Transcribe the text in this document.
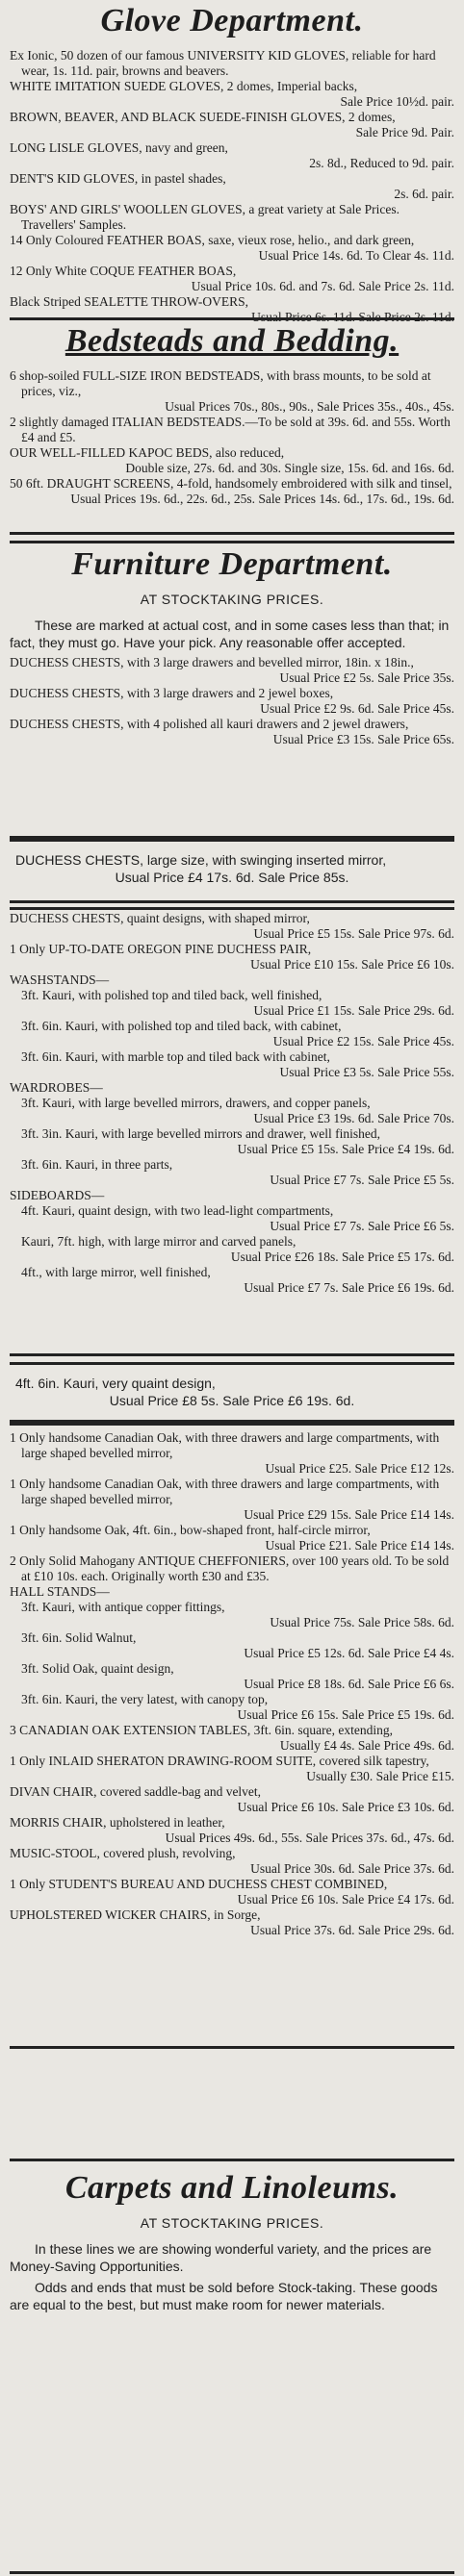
Glove Department.
Ex Ionic, 50 dozen of our famous UNIVERSITY KID GLOVES, reliable for hard wear, 1s. 11d. pair, browns and beavers.
WHITE IMITATION SUEDE GLOVES, 2 domes, Imperial backs,
Sale Price 10½d. pair.
BROWN, BEAVER, AND BLACK SUEDE-FINISH GLOVES, 2 domes,
Sale Price 9d. Pair.
LONG LISLE GLOVES, navy and green,
2s. 8d., Reduced to 9d. pair.
DENT'S KID GLOVES, in pastel shades,
2s. 6d. pair.
BOYS' AND GIRLS' WOOLLEN GLOVES, a great variety at Sale Prices. Travellers' Samples.
14 Only Coloured FEATHER BOAS, saxe, vieux rose, helio., and dark green,
Usual Price 14s. 6d. To Clear 4s. 11d.
12 Only White COQUE FEATHER BOAS,
Usual Price 10s. 6d. and 7s. 6d. Sale Price 2s. 11d.
Black Striped SEALETTE THROW-OVERS,
Usual Price 6s. 11d. Sale Price 2s. 11d.
Bedsteads and Bedding.
6 shop-soiled FULL-SIZE IRON BEDSTEADS, with brass mounts, to be sold at prices, viz.,
Usual Prices 70s., 80s., 90s., Sale Prices 35s., 40s., 45s.
2 slightly damaged ITALIAN BEDSTEADS.—To be sold at 39s. 6d. and 55s. Worth £4 and £5.
OUR WELL-FILLED KAPOC BEDS, also reduced,
Double size, 27s. 6d. and 30s. Single size, 15s. 6d. and 16s. 6d.
50 6ft. DRAUGHT SCREENS, 4-fold, handsomely embroidered with silk and tinsel,
Usual Prices 19s. 6d., 22s. 6d., 25s. Sale Prices 14s. 6d., 17s. 6d., 19s. 6d.
Furniture Department.
AT STOCKTAKING PRICES.
These are marked at actual cost, and in some cases less than that; in fact, they must go. Have your pick. Any reasonable offer accepted.
DUCHESS CHESTS, with 3 large drawers and bevelled mirror, 18in. x 18in.,
Usual Price £2 5s. Sale Price 35s.
DUCHESS CHESTS, with 3 large drawers and 2 jewel boxes,
Usual Price £2 9s. 6d. Sale Price 45s.
DUCHESS CHESTS, with 4 polished all kauri drawers and 2 jewel drawers,
Usual Price £3 15s. Sale Price 65s.
DUCHESS CHESTS, large size, with swinging inserted mirror,
Usual Price £4 17s. 6d. Sale Price 85s.
DUCHESS CHESTS, quaint designs, with shaped mirror,
Usual Price £5 15s. Sale Price 97s. 6d.
1 Only UP-TO-DATE OREGON PINE DUCHESS PAIR,
Usual Price £10 15s. Sale Price £6 10s.
WASHSTANDS—
3ft. Kauri, with polished top and tiled back, well finished,
Usual Price £1 15s. Sale Price 29s. 6d.
3ft. 6in. Kauri, with polished top and tiled back, with cabinet,
Usual Price £2 15s. Sale Price 45s.
3ft. 6in. Kauri, with marble top and tiled back with cabinet,
Usual Price £3 5s. Sale Price 55s.
WARDROBES—
3ft. Kauri, with large bevelled mirrors, drawers, and copper panels,
Usual Price £3 19s. 6d. Sale Price 70s.
3ft. 3in. Kauri, with large bevelled mirrors and drawer, well finished,
Usual Price £5 15s. Sale Price £4 19s. 6d.
3ft. 6in. Kauri, in three parts,
Usual Price £7 7s. Sale Price £5 5s.
SIDEBOARDS—
4ft. Kauri, quaint design, with two lead-light compartments,
Usual Price £7 7s. Sale Price £6 5s.
Kauri, 7ft. high, with large mirror and carved panels,
Usual Price £26 18s. Sale Price £5 17s. 6d.
4ft., with large mirror, well finished,
Usual Price £7 7s. Sale Price £6 19s. 6d.
4ft. 6in. Kauri, very quaint design,
Usual Price £8 5s. Sale Price £6 19s. 6d.
1 Only handsome Canadian Oak, with three drawers and large compartments, with large shaped bevelled mirror,
Usual Price £25. Sale Price £12 12s.
1 Only handsome Canadian Oak, with three drawers and large compartments, with large shaped bevelled mirror,
Usual Price £29 15s. Sale Price £14 14s.
1 Only handsome Oak, 4ft. 6in., bow-shaped front, half-circle mirror,
Usual Price £21. Sale Price £14 14s.
2 Only Solid Mahogany ANTIQUE CHEFFONIERS, over 100 years old. To be sold at £10 10s. each. Originally worth £30 and £35.
HALL STANDS—
3ft. Kauri, with antique copper fittings,
Usual Price 75s. Sale Price 58s. 6d.
3ft. 6in. Solid Walnut,
Usual Price £5 12s. 6d. Sale Price £4 4s.
3ft. Solid Oak, quaint design,
Usual Price £8 18s. 6d. Sale Price £6 6s.
3ft. 6in. Kauri, the very latest, with canopy top,
Usual Price £6 15s. Sale Price £5 19s. 6d.
3 CANADIAN OAK EXTENSION TABLES, 3ft. 6in. square, extending,
Usually £4 4s. Sale Price 49s. 6d.
1 Only INLAID SHERATON DRAWING-ROOM SUITE, covered silk tapestry,
Usually £30. Sale Price £15.
DIVAN CHAIR, covered saddle-bag and velvet,
Usual Price £6 10s. Sale Price £3 10s. 6d.
MORRIS CHAIR, upholstered in leather,
Usual Prices 49s. 6d., 55s. Sale Prices 37s. 6d., 47s. 6d.
MUSIC-STOOL, covered plush, revolving,
Usual Price 30s. 6d. Sale Price 37s. 6d.
1 Only STUDENT'S BUREAU AND DUCHESS CHEST COMBINED,
Usual Price £6 10s. Sale Price £4 17s. 6d.
UPHOLSTERED WICKER CHAIRS, in Sorge,
Usual Price 37s. 6d. Sale Price 29s. 6d.
Carpets and Linoleums.
AT STOCKTAKING PRICES.
In these lines we are showing wonderful variety, and the prices are Money-Saving Opportunities.
Odds and ends that must be sold before Stock-taking. These goods are equal to the best, but must make room for newer materials.
